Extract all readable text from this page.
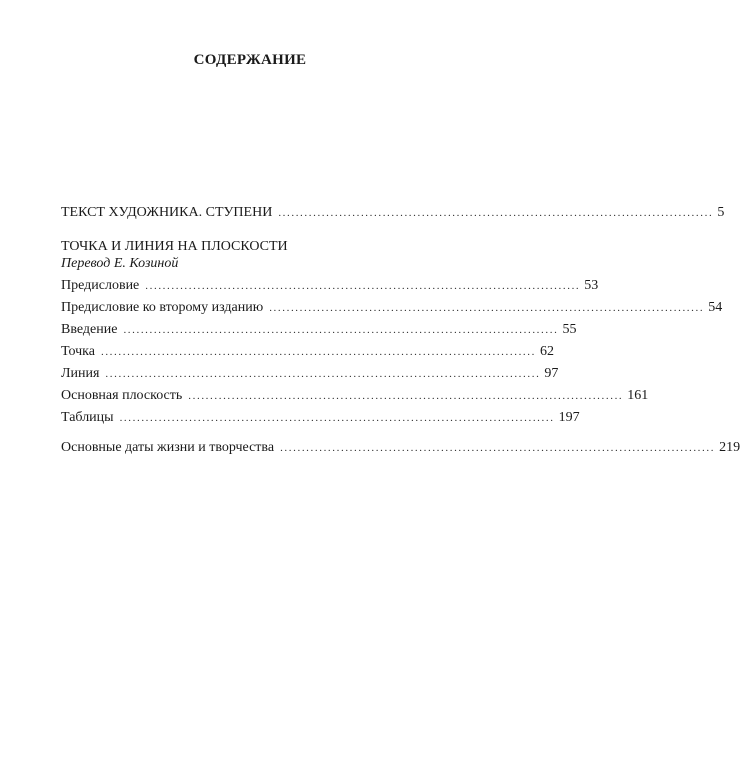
СОДЕРЖАНИЕ
ТЕКСТ ХУДОЖНИКА. СТУПЕНИ .................................................................................................... 5
ТОЧКА И ЛИНИЯ НА ПЛОСКОСТИ
Перевод Е. Козиной
Предисловие .................................................................................................... 53
Предисловие ко второму изданию .................................................................................................... 54
Введение .................................................................................................... 55
Точка .................................................................................................... 62
Линия .................................................................................................... 97
Основная плоскость .................................................................................................... 161
Таблицы .................................................................................................... 197
Основные даты жизни и творчества .................................................................................................... 219
